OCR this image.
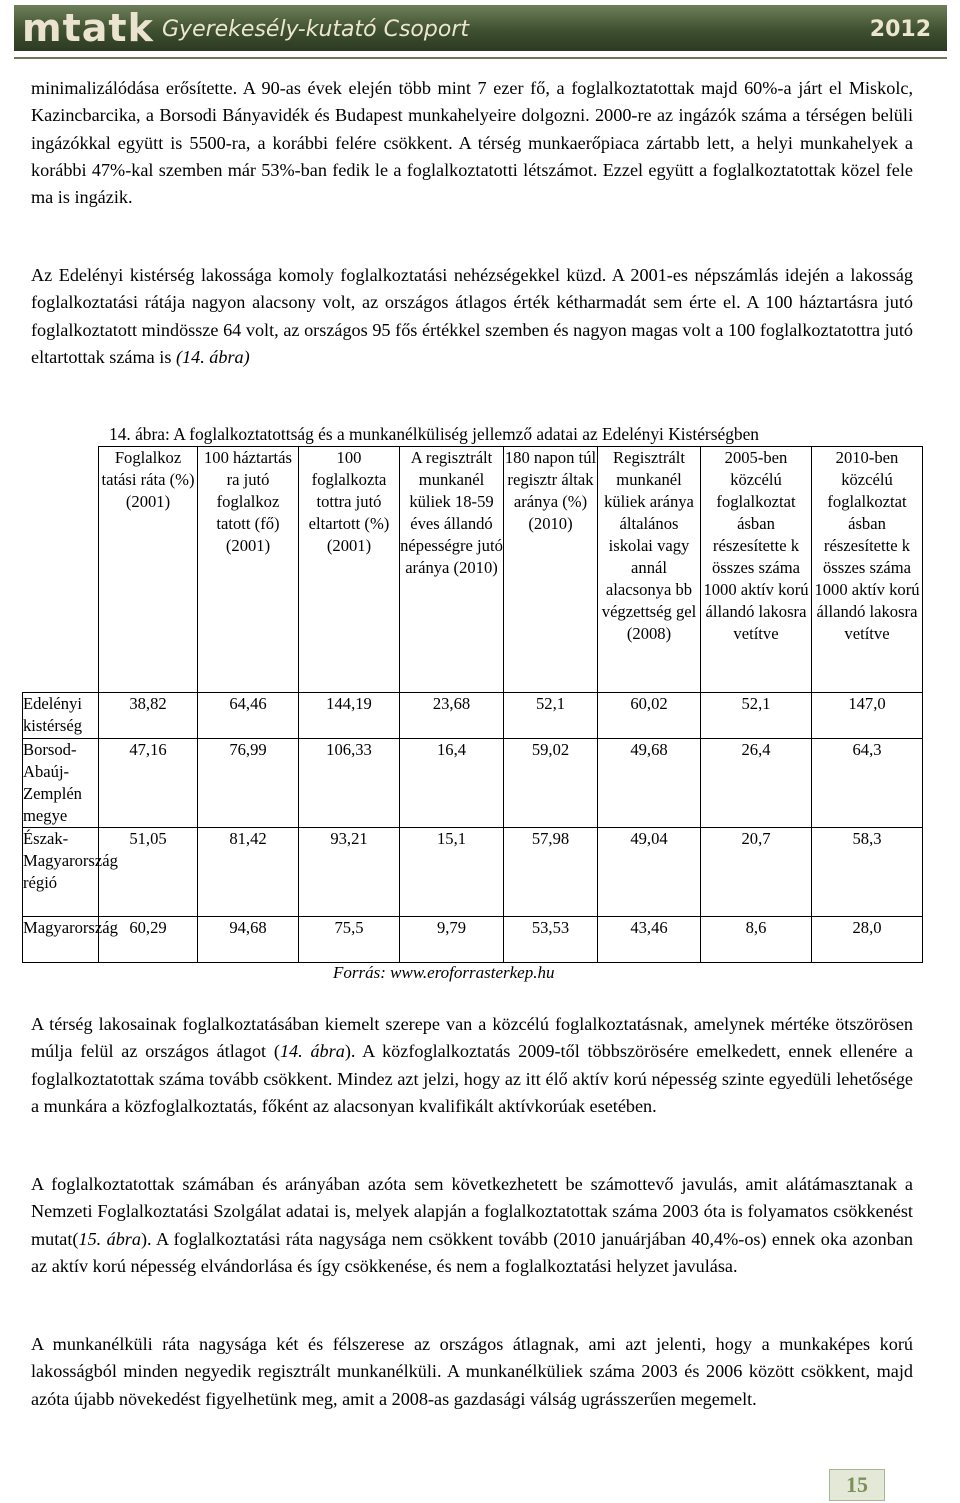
mtatk Gyerekesély-kutató Csoport	2012

minimalizálódása erősítette. A 90-as évek elején több mint 7 ezer fő, a foglalkoztatottak majd 60%-a járt el Miskolc, Kazincbarcika, a Borsodi Bányavidék és Budapest munkahelyeire dolgozni. 2000-re az ingázók száma a térségen belüli ingázókkal együtt is 5500-ra, a korábbi felére csökkent. A térség munkaerőpiaca zártabb lett, a helyi munkahelyek a korábbi 47%-kal szemben már 53%-ban fedik le a foglalkoztatotti létszámot. Ezzel együtt a foglalkoztatottak közel fele ma is ingázik.

Az Edelényi kistérség lakossága komoly foglalkoztatási nehézségekkel küzd. A 2001-es népszámlás idején a lakosság foglalkoztatási rátája nagyon alacsony volt, az országos átlagos érték kétharmadát sem érte el. A 100 háztartásra jutó foglalkoztatott mindössze 64 volt, az országos 95 fős értékkel szemben és nagyon magas volt a 100 foglalkoztatottra jutó eltartottak száma is (14. ábra)

14. ábra: A foglalkoztatottság és a munkanélküliség jellemző adatai az Edelényi Kistérségben
	Foglalkoz tatási ráta (%) (2001)	100 háztartás ra jutó foglalkoz tatott (fő) (2001)	100 foglalkozta tottra jutó eltartott (%) (2001)	A regisztrált munkanél küliek 18-59 éves állandó népességre jutó aránya (2010)	180 napon túl regisztr áltak aránya (%) (2010)	Regisztrált munkanél küliek aránya általános iskolai vagy annál alacsonya bb végzettség gel (2008)	2005-ben közcélú foglalkoztat ásban részesítette k összes száma 1000 aktív korú állandó lakosra vetítve	2010-ben közcélú foglalkoztat ásban részesítette k összes száma 1000 aktív korú állandó lakosra vetítve
Edelényi kistérség	38,82	64,46	144,19	23,68	52,1	60,02	52,1	147,0
Borsod-Abaúj-Zemplén megye	47,16	76,99	106,33	16,4	59,02	49,68	26,4	64,3
Észak-Magyarország régió	51,05	81,42	93,21	15,1	57,98	49,04	20,7	58,3
Magyarország	60,29	94,68	75,5	9,79	53,53	43,46	8,6	28,0
Forrás: www.eroforrasterkep.hu

A térség lakosainak foglalkoztatásában kiemelt szerepe van a közcélú foglalkoztatásnak, amelynek mértéke ötszörösen múlja felül az országos átlagot (14. ábra). A közfoglalkoztatás 2009-től többszörösére emelkedett, ennek ellenére a foglalkoztatottak száma tovább csökkent. Mindez azt jelzi, hogy az itt élő aktív korú népesség szinte egyedüli lehetősége a munkára a közfoglalkoztatás, főként az alacsonyan kvalifikált aktívkorúak esetében.

A foglalkoztatottak számában és arányában azóta sem következhetett be számottevő javulás, amit alátámasztanak a Nemzeti Foglalkoztatási Szolgálat adatai is, melyek alapján a foglalkoztatottak száma 2003 óta is folyamatos csökkenést mutat(15. ábra). A foglalkoztatási ráta nagysága nem csökkent tovább (2010 januárjában 40,4%-os) ennek oka azonban az aktív korú népesség elvándorlása és így csökkenése, és nem a foglalkoztatási helyzet javulása.

A munkanélküli ráta nagysága két és félszerese az országos átlagnak, ami azt jelenti, hogy a munkaképes korú lakosságból minden negyedik regisztrált munkanélküli. A munkanélküliek száma 2003 és 2006 között csökkent, majd azóta újabb növekedést figyelhetünk meg, amit a 2008-as gazdasági válság ugrásszerűen megemelt.

15
